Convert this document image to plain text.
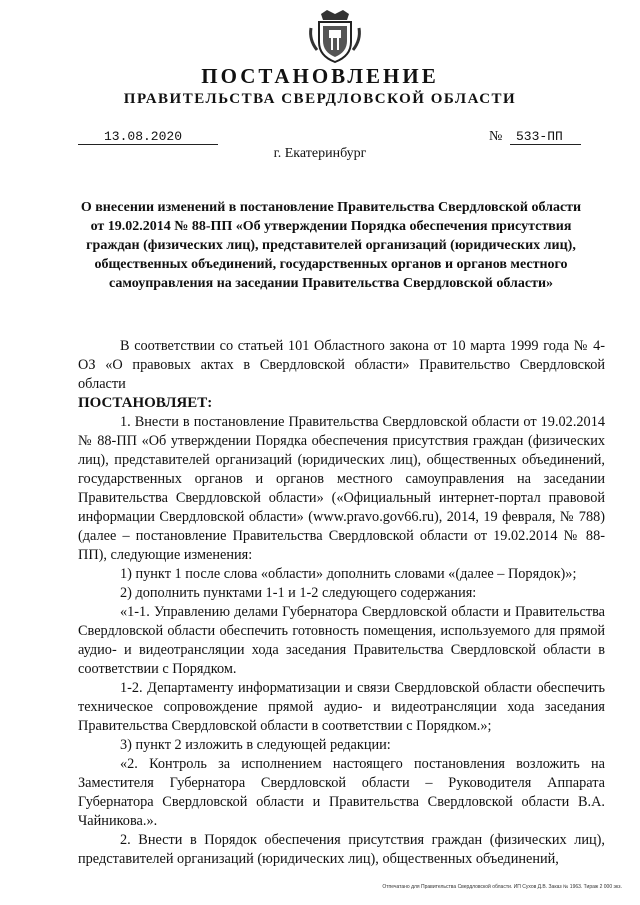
ПОСТАНОВЛЕНИЕ
ПРАВИТЕЛЬСТВА СВЕРДЛОВСКОЙ ОБЛАСТИ
13.08.2020	№	533-ПП
г. Екатеринбург
О внесении изменений в постановление Правительства Свердловской области от 19.02.2014 № 88-ПП «Об утверждении Порядка обеспечения присутствия граждан (физических лиц), представителей организаций (юридических лиц), общественных объединений, государственных органов и органов местного самоуправления на заседании Правительства Свердловской области»

В соответствии со статьей 101 Областного закона от 10 марта 1999 года № 4-ОЗ «О правовых актах в Свердловской области» Правительство Свердловской области

ПОСТАНОВЛЯЕТ:

1. Внести в постановление Правительства Свердловской области от 19.02.2014 № 88-ПП «Об утверждении Порядка обеспечения присутствия граждан (физических лиц), представителей организаций (юридических лиц), общественных объединений, государственных органов и органов местного самоуправления на заседании Правительства Свердловской области» («Официальный интернет-портал правовой информации Свердловской области» (www.pravo.gov66.ru), 2014, 19 февраля, № 788) (далее – постановление Правительства Свердловской области от 19.02.2014 № 88-ПП), следующие изменения:

1) пункт 1 после слова «области» дополнить словами «(далее – Порядок)»;

2) дополнить пунктами 1-1 и 1-2 следующего содержания:

«1-1. Управлению делами Губернатора Свердловской области и Правительства Свердловской области обеспечить готовность помещения, используемого для прямой аудио- и видеотрансляции хода заседания Правительства Свердловской области в соответствии с Порядком.

1-2. Департаменту информатизации и связи Свердловской области обеспечить техническое сопровождение прямой аудио- и видеотрансляции хода заседания Правительства Свердловской области в соответствии с Порядком.»;

3) пункт 2 изложить в следующей редакции:

«2. Контроль за исполнением настоящего постановления возложить на Заместителя Губернатора Свердловской области – Руководителя Аппарата Губернатора Свердловской области и Правительства Свердловской области В.А. Чайникова.».

2. Внести в Порядок обеспечения присутствия граждан (физических лиц), представителей организаций (юридических лиц), общественных объединений,

Отпечатано для Правительства Свердловской области. ИП Сухов Д.В. Заказ № 1963. Тираж 2 000 экз.
